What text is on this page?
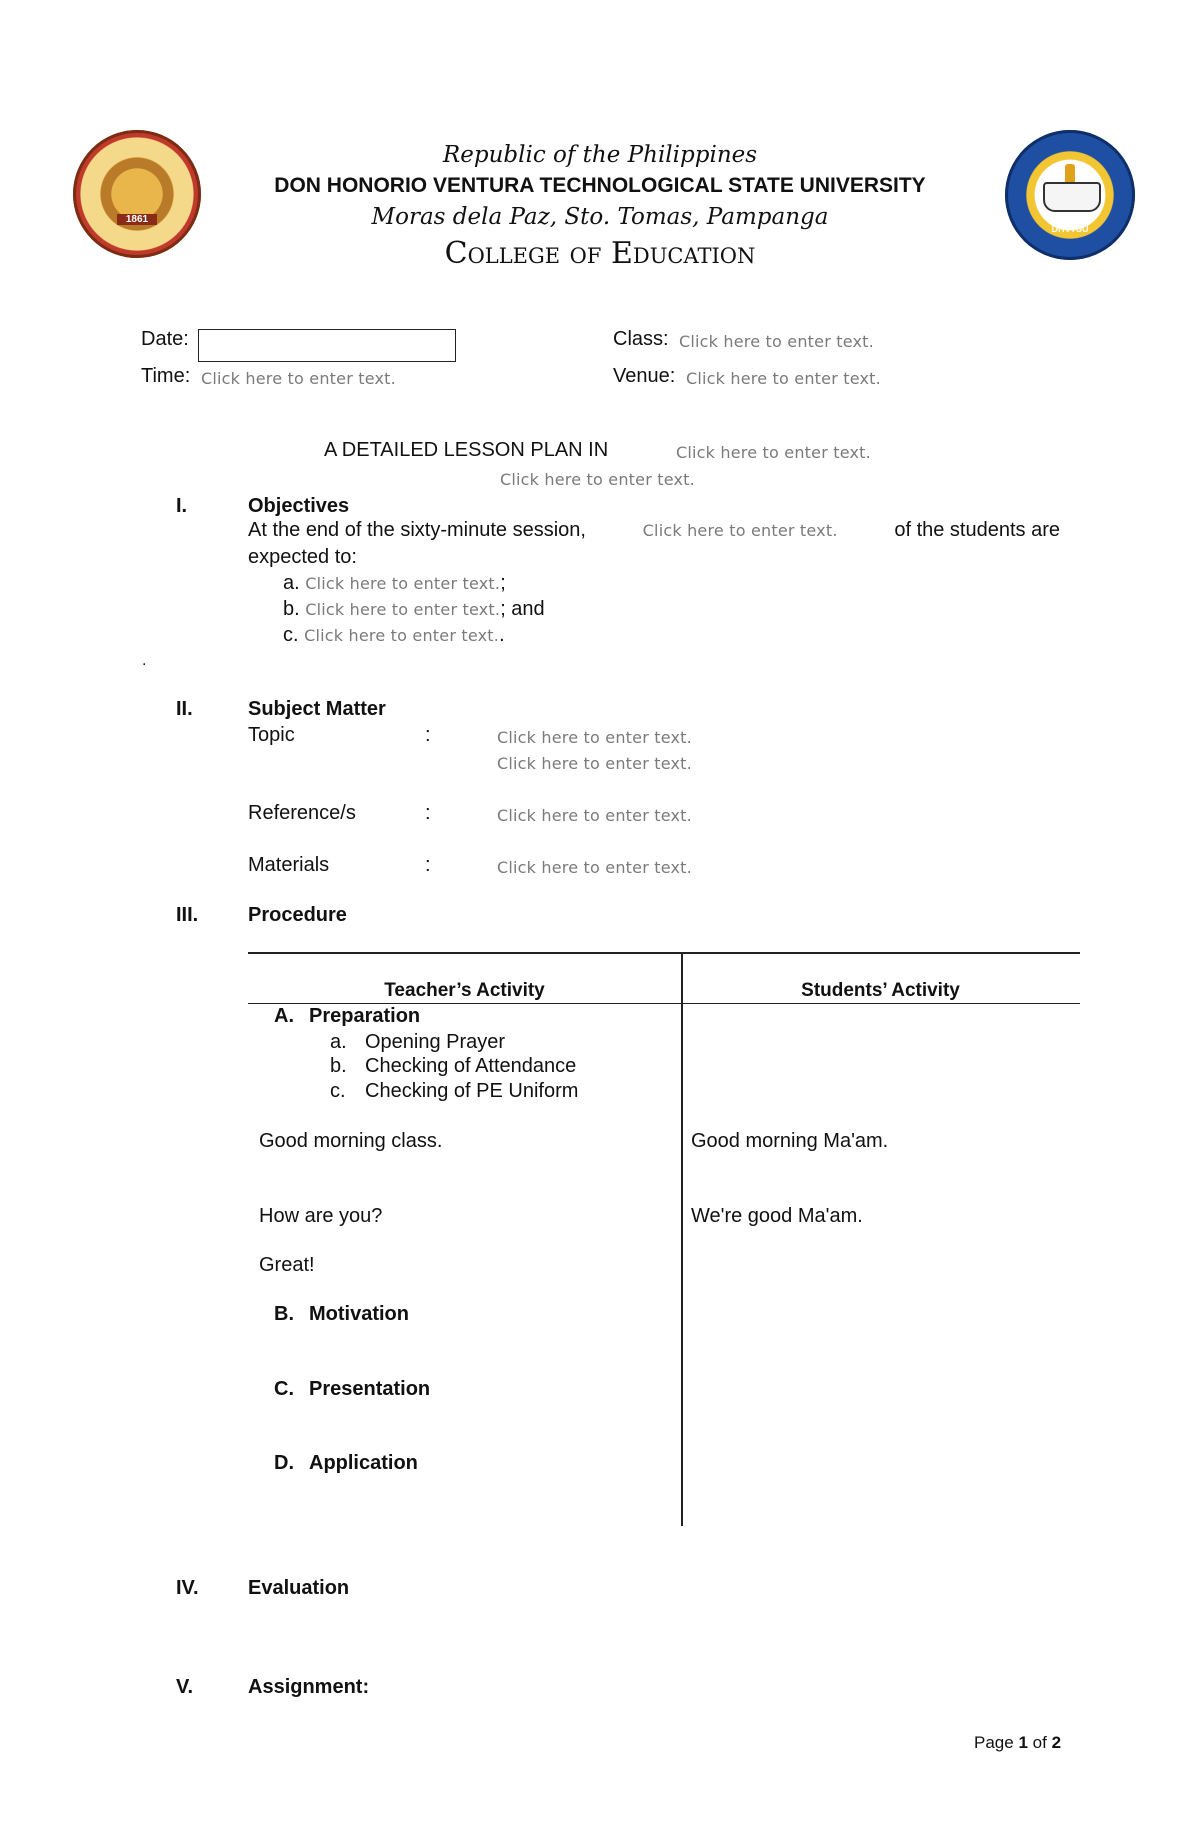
1861
DHVTSU
Republic of the Philippines
DON HONORIO VENTURA TECHNOLOGICAL STATE UNIVERSITY
Moras dela Paz, Sto. Tomas, Pampanga
College of Education
Date:
Time: Click here to enter text.
Class: Click here to enter text.
Venue: Click here to enter text.
A DETAILED LESSON PLAN IN	Click here to enter text.
Click here to enter text.
I.	Objectives
At the end of the sixty-minute session,	Click here to enter text.	of the students are
expected to:
a. Click here to enter text.;
b. Click here to enter text.; and
c. Click here to enter text..
.
II.	Subject Matter
Topic	:	Click here to enter text.
Click here to enter text.
Reference/s	:	Click here to enter text.
Materials	:	Click here to enter text.
III. Procedure
Teacher’s Activity	Students’ Activity
A. Preparation
a. Opening Prayer
b. Checking of Attendance
c. Checking of PE Uniform
Good morning class.	Good morning Ma'am.
How are you?	We're good Ma'am.
Great!
B. Motivation
C. Presentation
D. Application
IV. Evaluation
V.	Assignment:
Page 1 of 2
